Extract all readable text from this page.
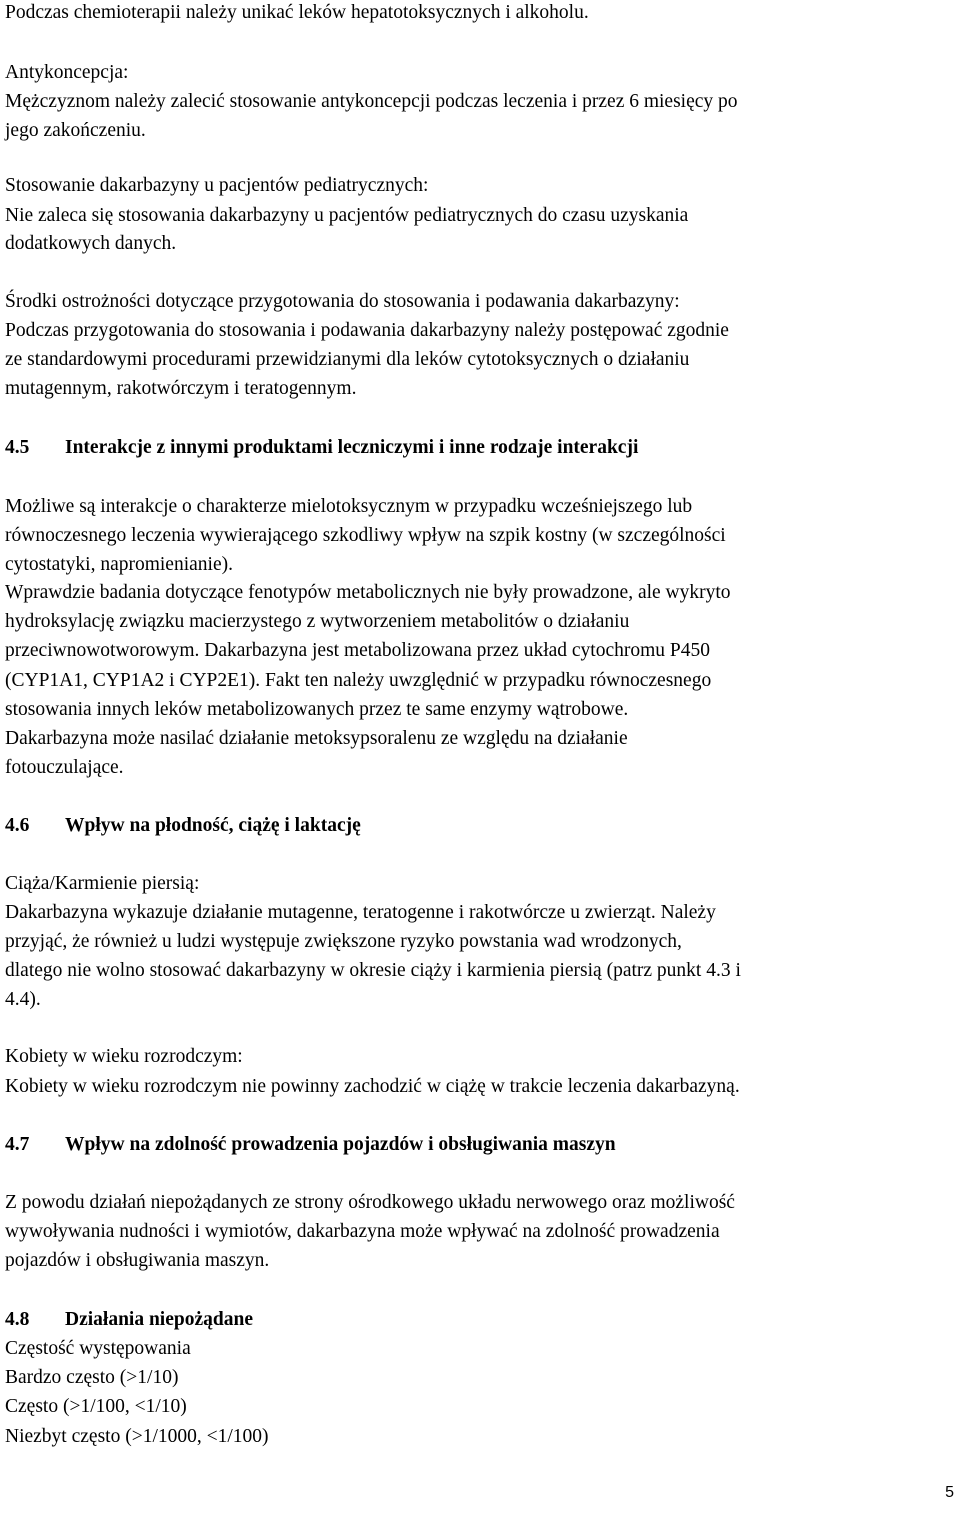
Podczas chemioterapii należy unikać leków hepatotoksycznych i alkoholu.
Antykoncepcja:
Mężczyznom należy zalecić stosowanie antykoncepcji podczas leczenia i przez 6 miesięcy po
jego zakończeniu.
Stosowanie dakarbazyny u pacjentów pediatrycznych:
Nie zaleca się stosowania dakarbazyny u pacjentów pediatrycznych do czasu uzyskania
dodatkowych danych.
Środki ostrożności dotyczące przygotowania do stosowania i podawania dakarbazyny:
Podczas przygotowania do stosowania i podawania dakarbazyny należy postępować zgodnie
ze standardowymi procedurami przewidzianymi dla leków cytotoksycznych o działaniu
mutagennym, rakotwórczym i teratogennym.
4.5 Interakcje z innymi produktami leczniczymi i inne rodzaje interakcji
Możliwe są interakcje o charakterze mielotoksycznym w przypadku wcześniejszego lub
równoczesnego leczenia wywierającego szkodliwy wpływ na szpik kostny (w szczególności
cytostatyki, napromienianie).
Wprawdzie badania dotyczące fenotypów metabolicznych nie były prowadzone, ale wykryto
hydroksylację związku macierzystego z wytworzeniem metabolitów o działaniu
przeciwnowotworowym. Dakarbazyna jest metabolizowana przez układ cytochromu P450
(CYP1A1, CYP1A2 i CYP2E1). Fakt ten należy uwzględnić w przypadku równoczesnego
stosowania innych leków metabolizowanych przez te same enzymy wątrobowe.
Dakarbazyna może nasilać działanie metoksypsoralenu ze względu na działanie
fotouczulające.
4.6 Wpływ na płodność, ciążę i laktację
Ciąża/Karmienie piersią:
Dakarbazyna wykazuje działanie mutagenne, teratogenne i rakotwórcze u zwierząt. Należy
przyjąć, że również u ludzi występuje zwiększone ryzyko powstania wad wrodzonych,
dlatego nie wolno stosować dakarbazyny w okresie ciąży i karmienia piersią (patrz punkt 4.3 i
4.4).
Kobiety w wieku rozrodczym:
Kobiety w wieku rozrodczym nie powinny zachodzić w ciążę w trakcie leczenia dakarbazyną.
4.7 Wpływ na zdolność prowadzenia pojazdów i obsługiwania maszyn
Z powodu działań niepożądanych ze strony ośrodkowego układu nerwowego oraz możliwość
wywoływania nudności i wymiotów, dakarbazyna może wpływać na zdolność prowadzenia
pojazdów i obsługiwania maszyn.
4.8 Działania niepożądane
Częstość występowania
Bardzo często (>1/10)
Często (>1/100, <1/10)
Niezbyt często (>1/1000, <1/100)
5
